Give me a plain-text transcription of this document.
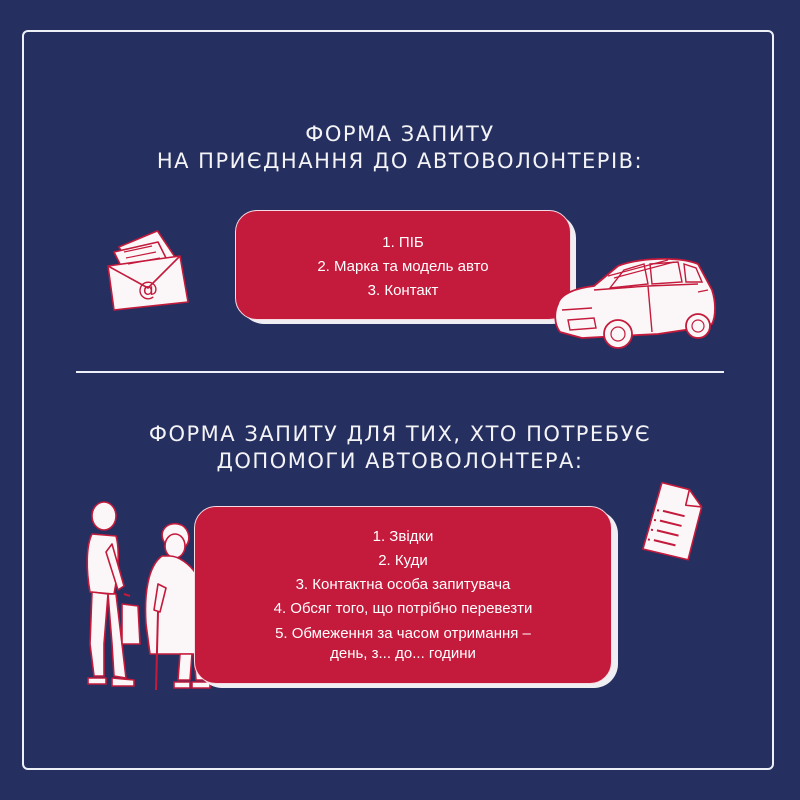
ФОРМА ЗАПИТУ
НА ПРИЄДНАННЯ ДО АВТОВОЛОНТЕРІВ:
@
1. ПІБ
2. Марка та модель авто
3. Контакт
ФОРМА ЗАПИТУ ДЛЯ ТИХ, ХТО ПОТРЕБУЄ
ДОПОМОГИ АВТОВОЛОНТЕРА:
1. Звідки
2. Куди
3. Контактна особа запитувача
4. Обсяг того, що потрібно перевезти
5. Обмеження за часом отримання –
день, з... до... години
